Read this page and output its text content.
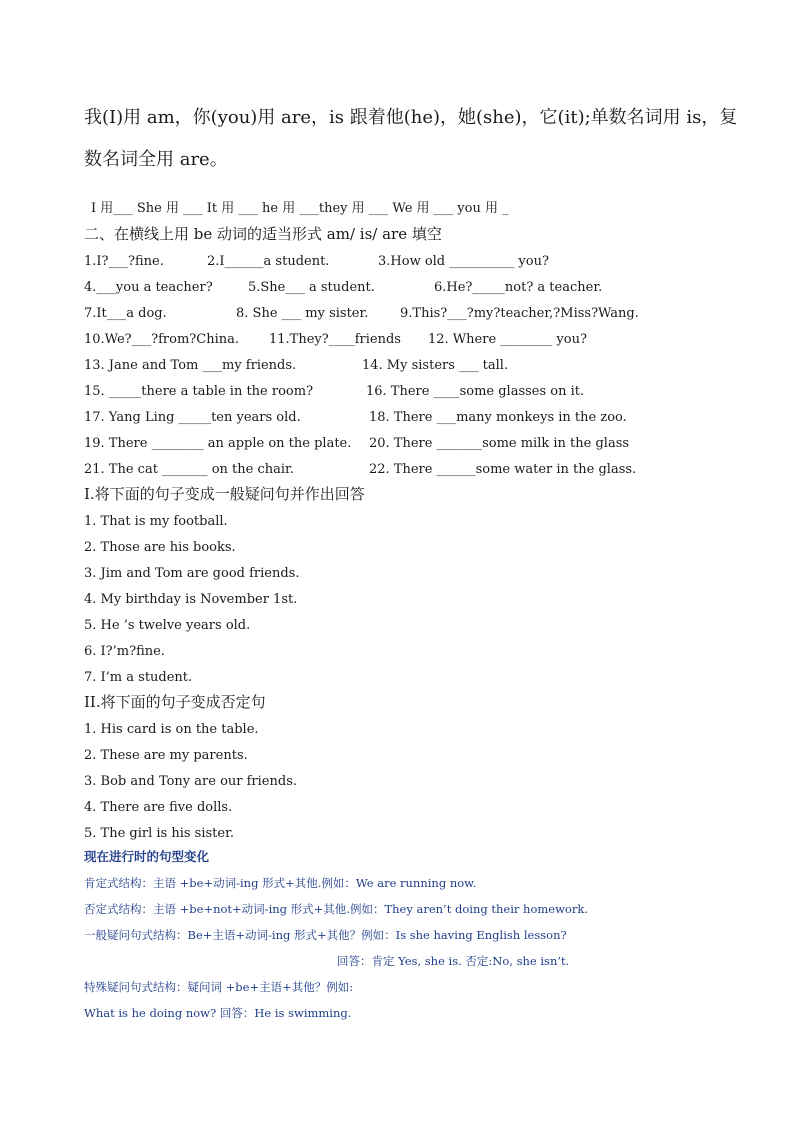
我(I)用 am，你(you)用 are，is 跟着他(he)，她(she)，它(it);单数名词用 is，复
数名词全用 are。
I 用___ She 用 ___ It 用 ___ he 用 ___they 用 ___ We 用 ___ you 用 _
二、在横线上用 be 动词的适当形式 am/ is/ are 填空
1.I?___?fine.	2.I______a student.	3.How old __________ you?
4.___you a teacher?	5.She___ a student.	6.He?_____not? a teacher.
7.It___a dog.	8. She ___ my sister. 9.This?___?my?teacher,?Miss?Wang.
10.We?___?from?China. 11.They?____friends 12. Where ________ you?
13. Jane and Tom ___my friends.	14. My sisters ___ tall.
15. _____there a table in the room?	16. There ____some glasses on it.
17. Yang Ling _____ten years old.	18. There ___many monkeys in the zoo.
19. There ________ an apple on the plate. 20. There _______some milk in the glass
21. The cat _______ on the chair.	22. There ______some water in the glass.
I.将下面的句子变成一般疑问句并作出回答
1. That is my football.
2. Those are his books.
3. Jim and Tom are good friends.
4. My birthday is November 1st.
5. He ’s twelve years old.
6. I?’m?fine.
7. I’m a student.
II.将下面的句子变成否定句
1. His card is on the table.
2. These are my parents.
3. Bob and Tony are our friends.
4. There are five dolls.
5. The girl is his sister.
现在进行时的句型变化
肯定式结构：主语 +be+动词-ing 形式+其他.例如：We are running now.
否定式结构：主语 +be+not+动词-ing 形式+其他.例如：They aren’t doing their homework.
一般疑问句式结构：Be+主语+动词-ing 形式+其他？例如：Is she having English lesson?
回答：肯定 Yes, she is. 否定:No, she isn’t.
特殊疑问句式结构：疑问词 +be+主语+其他？例如:
What is he doing now? 回答：He is swimming.
